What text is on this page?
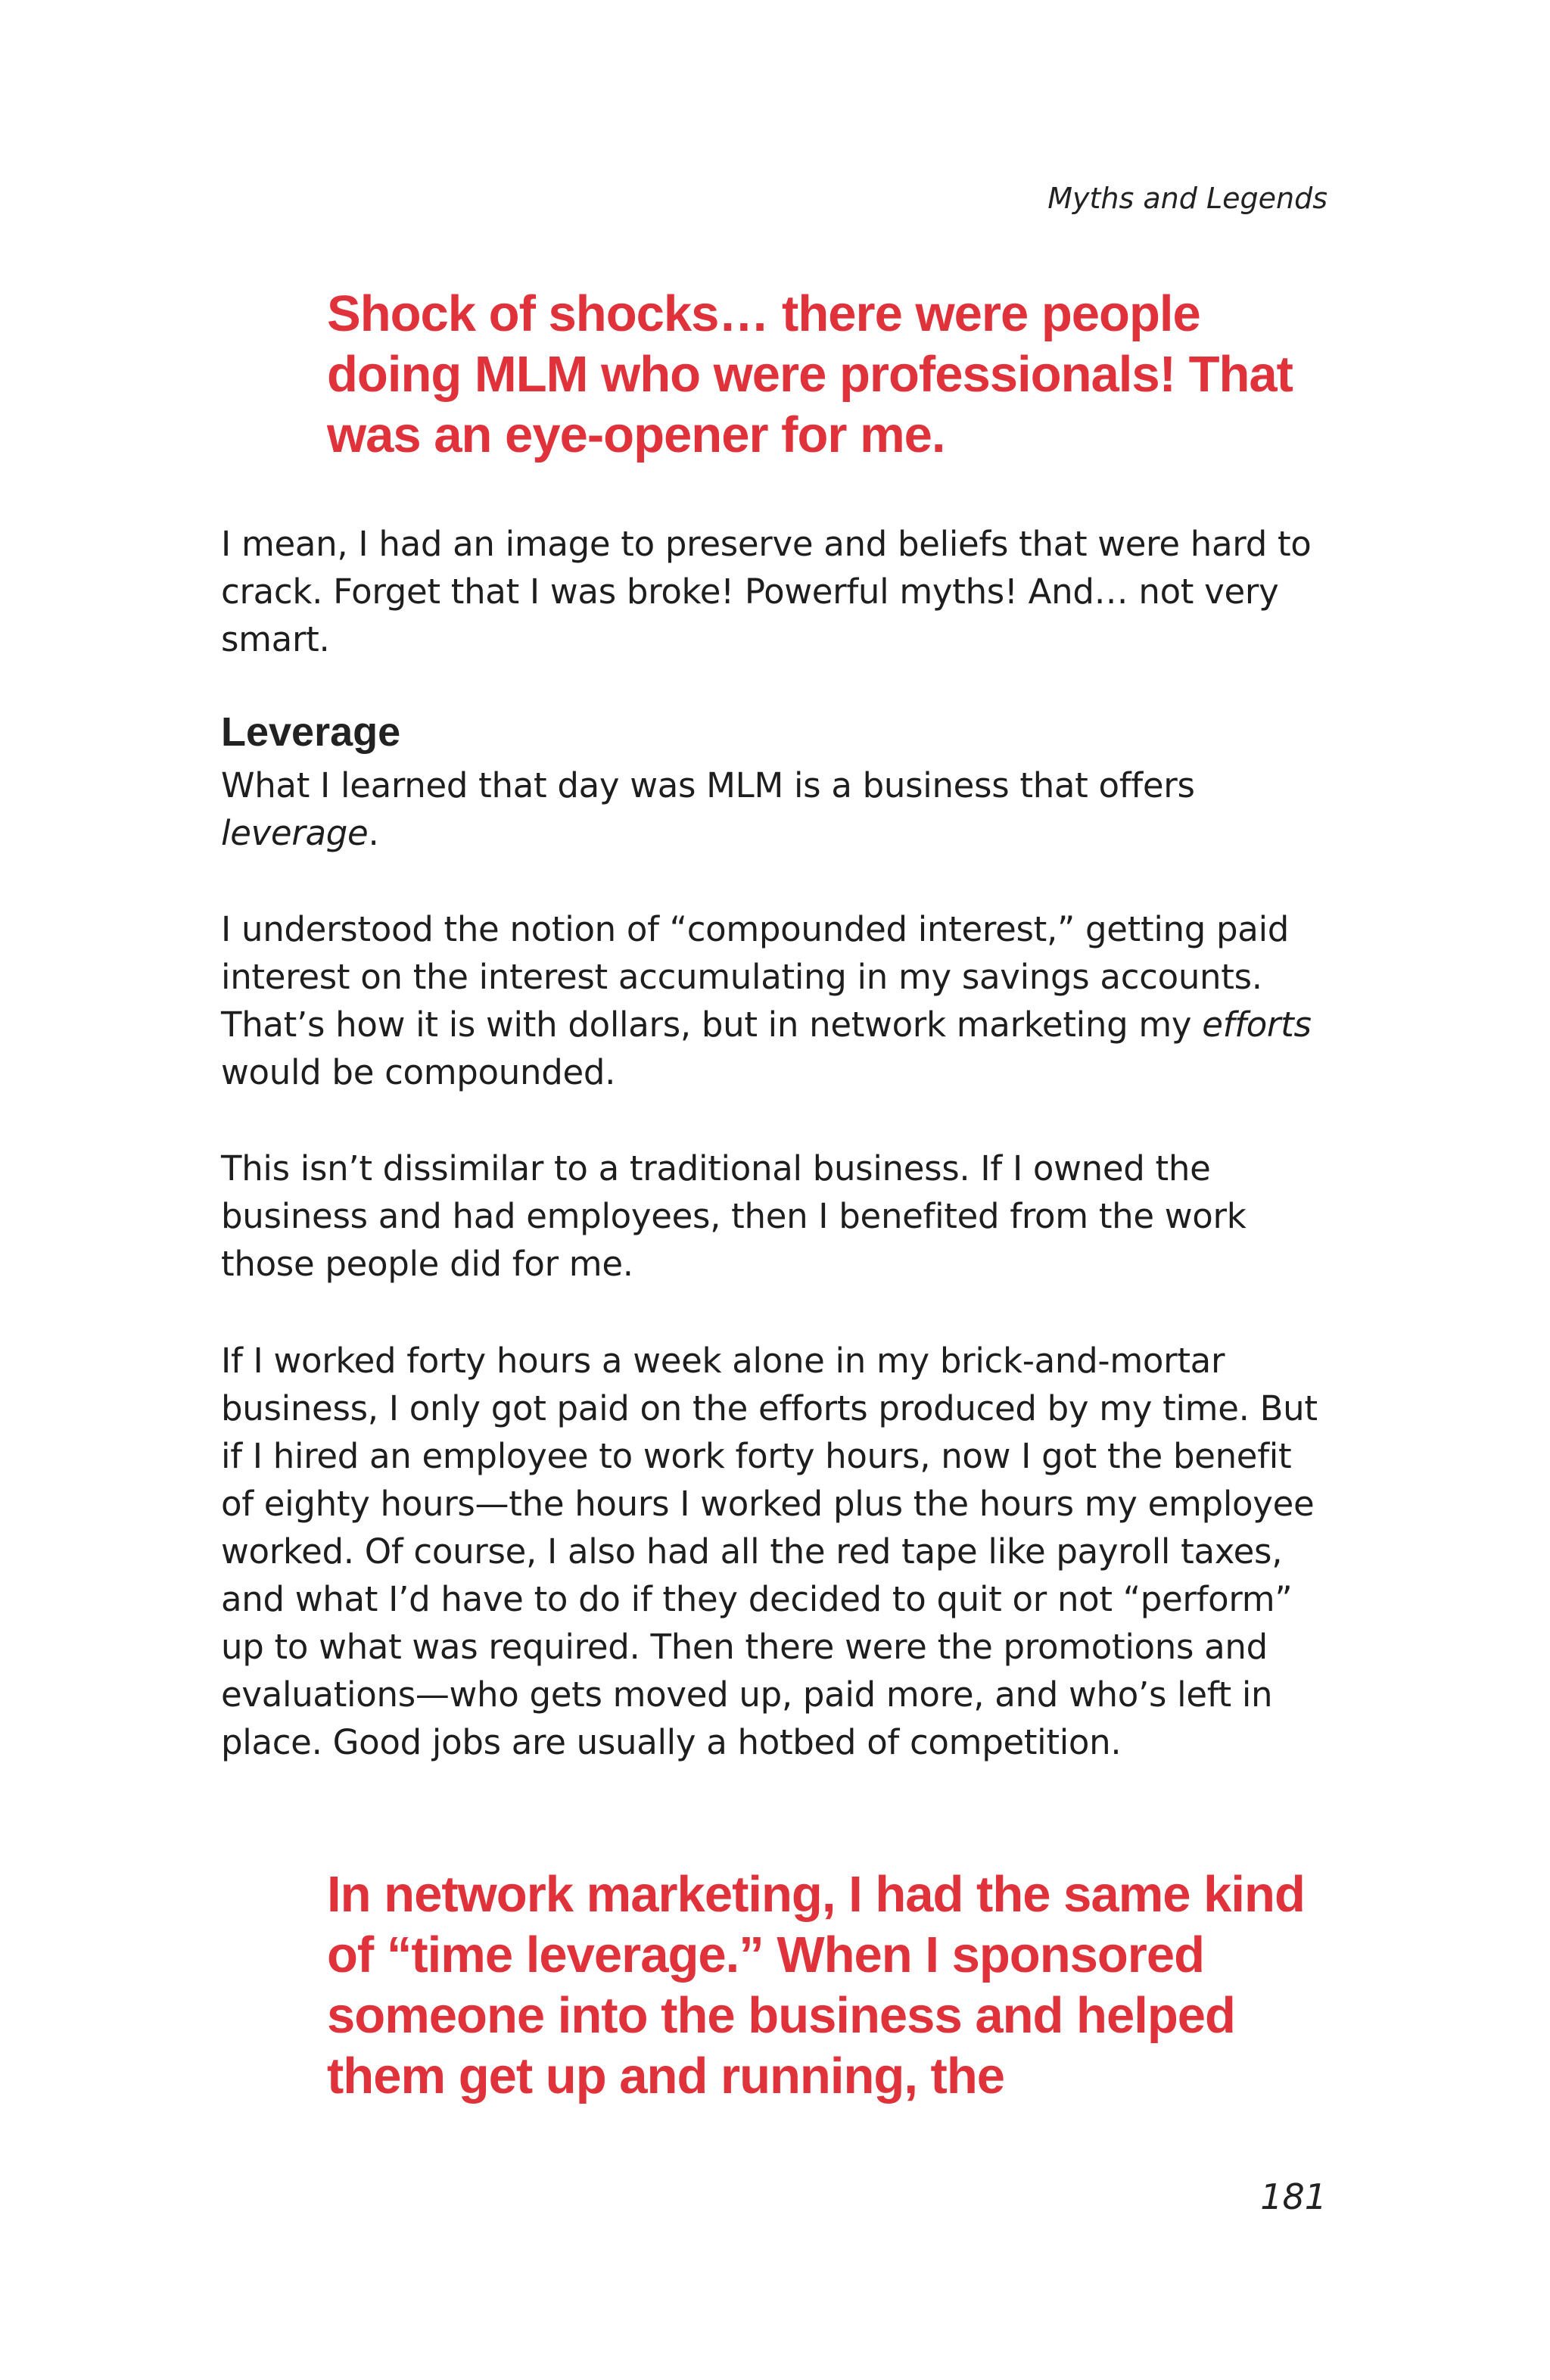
Myths and Legends

Shock of shocks… there were people doing MLM who were professionals! That was an eye-opener for me.

I mean, I had an image to preserve and beliefs that were hard to crack. Forget that I was broke! Powerful myths! And… not very smart.

Leverage

What I learned that day was MLM is a business that offers leverage.

I understood the notion of “compounded interest,” getting paid interest on the interest accumulating in my savings accounts. That’s how it is with dollars, but in network marketing my efforts would be compounded.

This isn’t dissimilar to a traditional business. If I owned the business and had employees, then I benefited from the work those people did for me.

If I worked forty hours a week alone in my brick-and-mortar business, I only got paid on the efforts produced by my time. But if I hired an employee to work forty hours, now I got the benefit of eighty hours—the hours I worked plus the hours my employee worked. Of course, I also had all the red tape like payroll taxes, and what I’d have to do if they decided to quit or not “perform” up to what was required. Then there were the promotions and evaluations—who gets moved up, paid more, and who’s left in place. Good jobs are usually a hotbed of competition.

In network marketing, I had the same kind of “time leverage.” When I sponsored someone into the business and helped them get up and running, the

181
